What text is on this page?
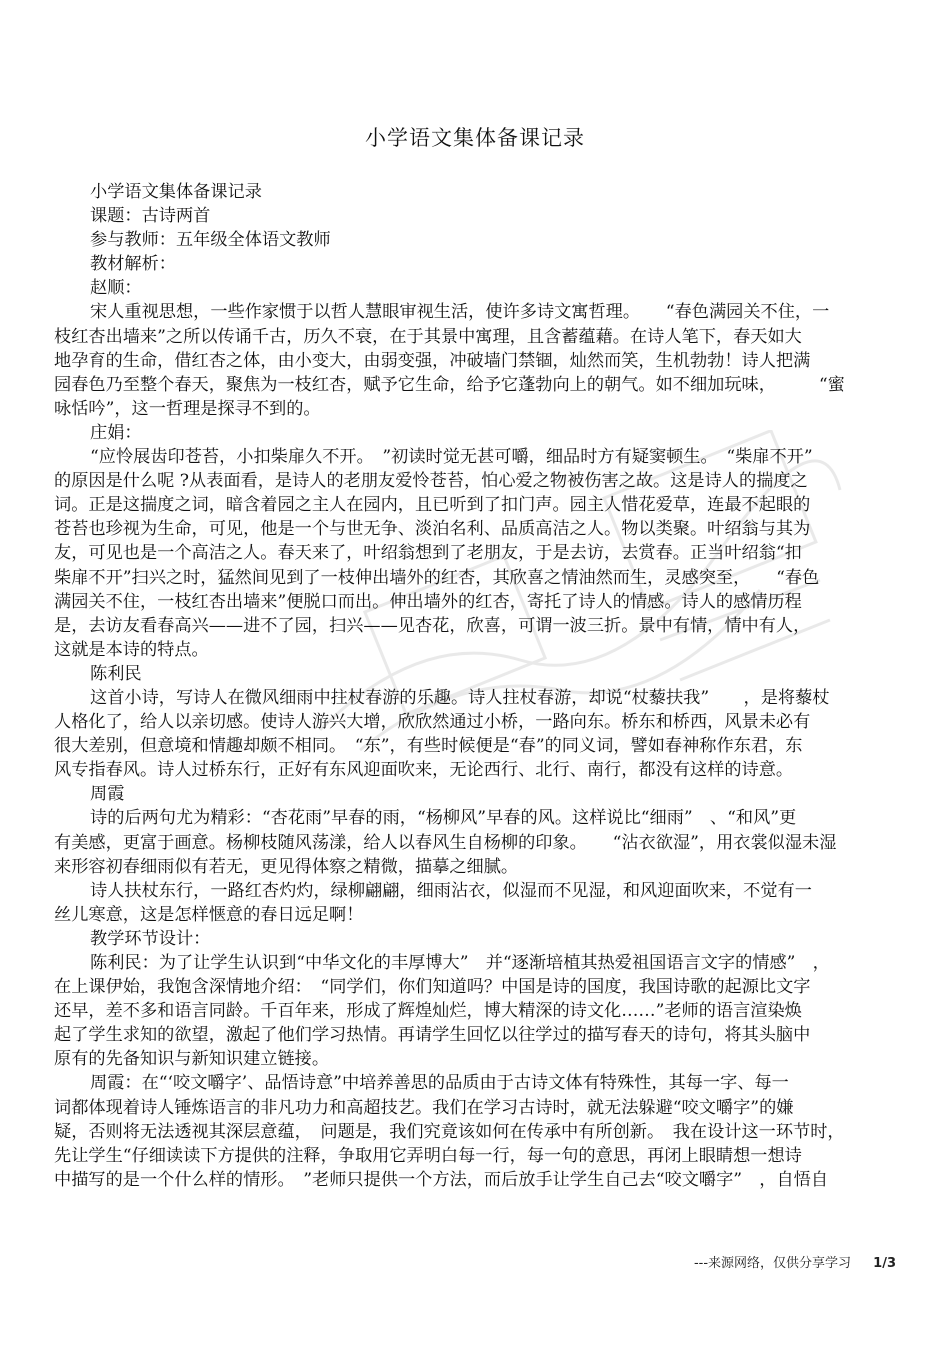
小学语文集体备课记录
小学语文集体备课记录
课题：古诗两首
参与教师：五年级全体语文教师
教材解析：
赵顺：
宋人重视思想，一些作家惯于以哲人慧眼审视生活，使许多诗文寓哲理。　　“春色满园关不住，一
枝红杏出墙来”之所以传诵千古，历久不衰，在于其景中寓理，且含蓄蕴藉。在诗人笔下，春天如大
地孕育的生命，借红杏之体，由小变大，由弱变强，冲破墙门禁锢，灿然而笑，生机勃勃！诗人把满
园春色乃至整个春天，聚焦为一枝红杏，赋予它生命，给予它蓬勃向上的朝气。如不细加玩味，　　　“蜜
咏恬吟”，这一哲理是探寻不到的。
庄娟：
“应怜展齿印苍苔，小扣柴扉久不开。　”初读时觉无甚可嚼，细品时方有疑窦顿生。　“柴扉不开”
的原因是什么呢 ?从表面看，是诗人的老朋友爱怜苍苔，怕心爱之物被伤害之故。这是诗人的揣度之
词。正是这揣度之词，暗含着园之主人在园内，且已听到了扣门声。园主人惜花爱草，连最不起眼的
苍苔也珍视为生命，可见，他是一个与世无争、淡泊名利、品质高洁之人。物以类聚。叶绍翁与其为
友，可见也是一个高洁之人。春天来了，叶绍翁想到了老朋友，于是去访，去赏春。正当叶绍翁“扣
柴扉不开”扫兴之时，猛然间见到了一枝伸出墙外的红杏，其欣喜之情油然而生，灵感突至，　　“春色
满园关不住，一枝红杏出墙来”便脱口而出。伸出墙外的红杏，寄托了诗人的情感。诗人的感情历程
是，去访友看春高兴——进不了园，扫兴——见杏花，欣喜，可谓一波三折。景中有情，情中有人，
这就是本诗的特点。
陈利民
这首小诗，写诗人在微风细雨中拄杖春游的乐趣。诗人拄杖春游，却说“杖藜扶我”　　，是将藜杖
人格化了，给人以亲切感。使诗人游兴大增，欣欣然通过小桥，一路向东。桥东和桥西，风景未必有
很大差别，但意境和情趣却颇不相同。　“东”，有些时候便是“春”的同义词，譬如春神称作东君，东
风专指春风。诗人过桥东行，正好有东风迎面吹来，无论西行、北行、南行，都没有这样的诗意。
周霞
诗的后两句尤为精彩：“杏花雨”早春的雨，“杨柳风”早春的风。这样说比“细雨”　、“和风”更
有美感，更富于画意。杨柳枝随风荡漾，给人以春风生自杨柳的印象。　　“沾衣欲湿”，用衣裳似湿未湿
来形容初春细雨似有若无，更见得体察之精微，描摹之细腻。
诗人扶杖东行，一路红杏灼灼，绿柳翩翩，细雨沾衣，似湿而不见湿，和风迎面吹来，不觉有一
丝儿寒意，这是怎样惬意的春日远足啊！
教学环节设计：
陈利民：为了让学生认识到“中华文化的丰厚博大”　并“逐渐培植其热爱祖国语言文字的情感”　，
在上课伊始，我饱含深情地介绍：　“同学们，你们知道吗？中国是诗的国度，我国诗歌的起源比文字
还早，差不多和语言同龄。千百年来，形成了辉煌灿烂，博大精深的诗文化……”老师的语言渲染焕
起了学生求知的欲望，激起了他们学习热情。再请学生回忆以往学过的描写春天的诗句，将其头脑中
原有的先备知识与新知识建立链接。
周霞：在“‘咬文嚼字’、品悟诗意”中培养善思的品质由于古诗文体有特殊性，其每一字、每一
词都体现着诗人锤炼语言的非凡功力和高超技艺。我们在学习古诗时，就无法躲避“咬文嚼字”的嫌
疑，否则将无法透视其深层意蕴，　问题是，我们究竟该如何在传承中有所创新。　我在设计这一环节时，
先让学生“仔细读读下方提供的注释，争取用它弄明白每一行，每一句的意思，再闭上眼睛想一想诗
中描写的是一个什么样的情形。　”老师只提供一个方法，而后放手让学生自己去“咬文嚼字”　，自悟自
---来源网络，仅供分享学习 1/3
